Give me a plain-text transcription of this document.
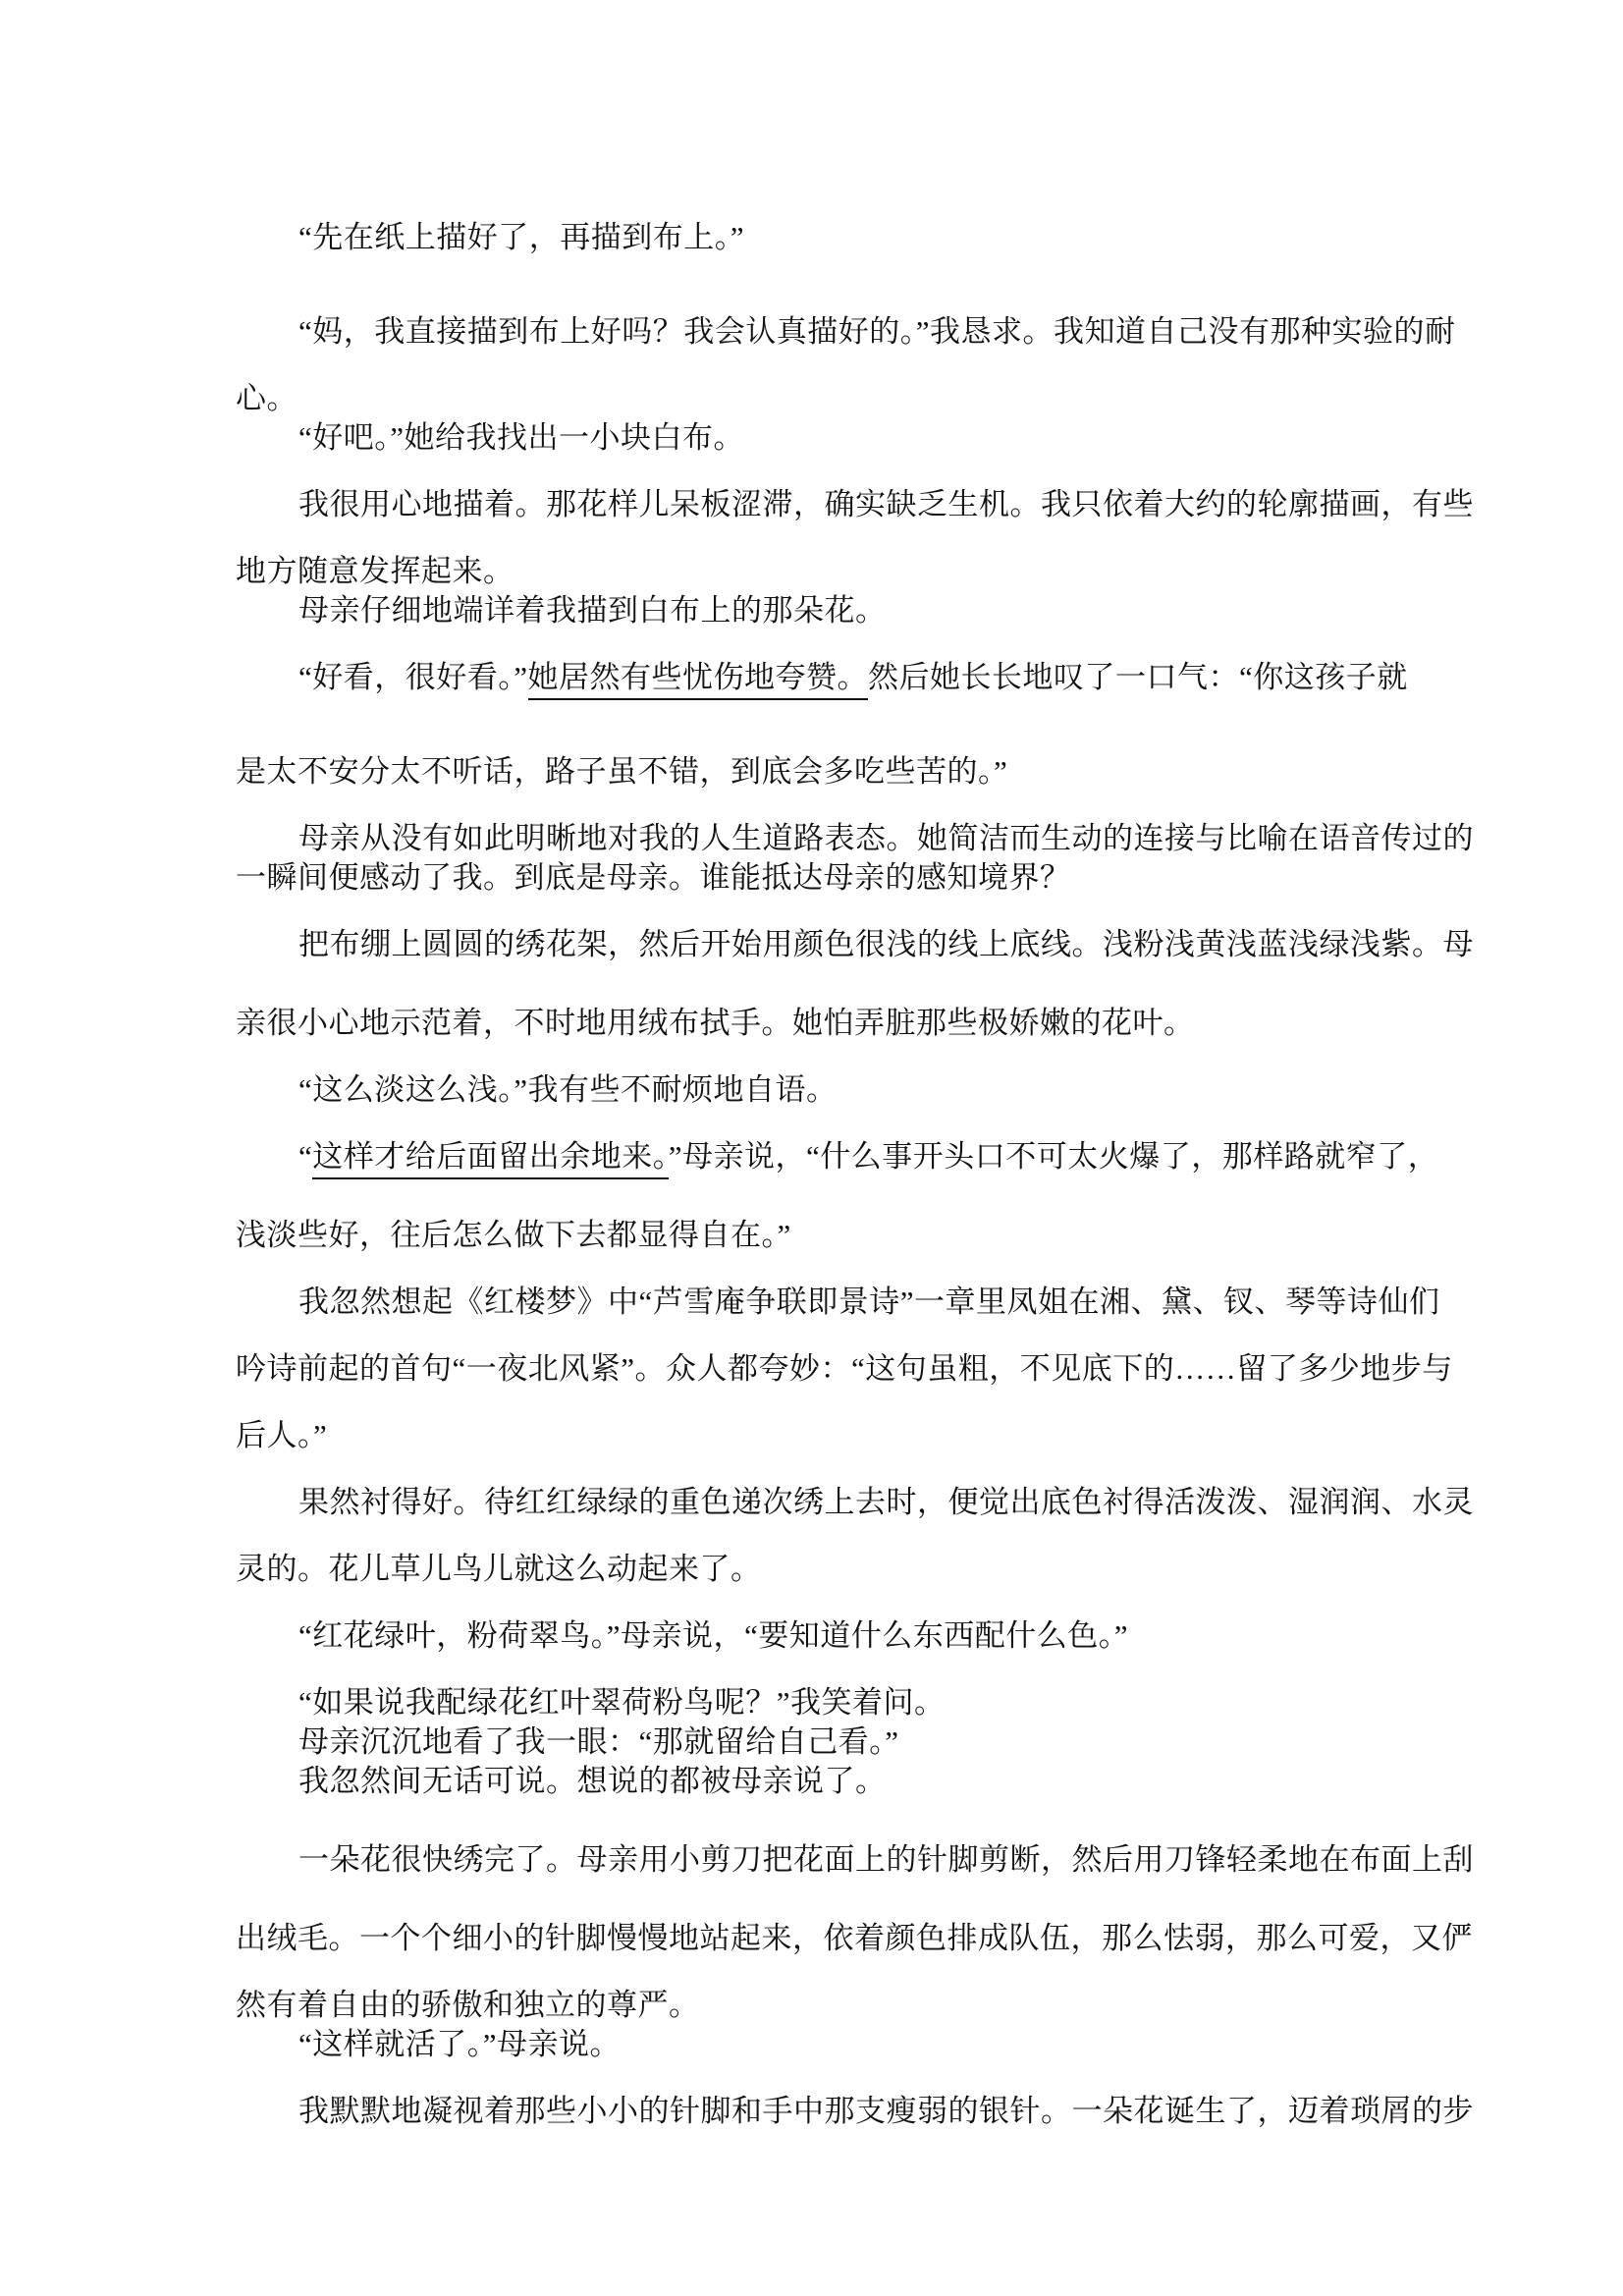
“先在纸上描好了，再描到布上。”

“妈，我直接描到布上好吗？我会认真描好的。”我恳求。我知道自己没有那种实验的耐

心。

“好吧。”她给我找出一小块白布。

我很用心地描着。那花样儿呆板涩滞，确实缺乏生机。我只依着大约的轮廓描画，有些

地方随意发挥起来。

母亲仔细地端详着我描到白布上的那朵花。

“好看，很好看。”她居然有些忧伤地夸赞。然后她长长地叹了一口气：“你这孩子就

是太不安分太不听话，路子虽不错，到底会多吃些苦的。”

母亲从没有如此明晰地对我的人生道路表态。她简洁而生动的连接与比喻在语音传过的

一瞬间便感动了我。到底是母亲。谁能抵达母亲的感知境界？

把布绷上圆圆的绣花架，然后开始用颜色很浅的线上底线。浅粉浅黄浅蓝浅绿浅紫。母

亲很小心地示范着，不时地用绒布拭手。她怕弄脏那些极娇嫩的花叶。

“这么淡这么浅。”我有些不耐烦地自语。

“这样才给后面留出余地来。”母亲说，“什么事开头口不可太火爆了，那样路就窄了，

浅淡些好，往后怎么做下去都显得自在。”

我忽然想起《红楼梦》中“芦雪庵争联即景诗”一章里凤姐在湘、黛、钗、琴等诗仙们

吟诗前起的首句“一夜北风紧”。众人都夸妙：“这句虽粗，不见底下的……留了多少地步与

后人。”

果然衬得好。待红红绿绿的重色递次绣上去时，便觉出底色衬得活泼泼、湿润润、水灵

灵的。花儿草儿鸟儿就这么动起来了。

“红花绿叶，粉荷翠鸟。”母亲说，“要知道什么东西配什么色。”

“如果说我配绿花红叶翠荷粉鸟呢？”我笑着问。

母亲沉沉地看了我一眼：“那就留给自己看。”

我忽然间无话可说。想说的都被母亲说了。

一朵花很快绣完了。母亲用小剪刀把花面上的针脚剪断，然后用刀锋轻柔地在布面上刮

出绒毛。一个个细小的针脚慢慢地站起来，依着颜色排成队伍，那么怯弱，那么可爱，又俨

然有着自由的骄傲和独立的尊严。

“这样就活了。”母亲说。

我默默地凝视着那些小小的针脚和手中那支瘦弱的银针。一朵花诞生了，迈着琐屑的步
